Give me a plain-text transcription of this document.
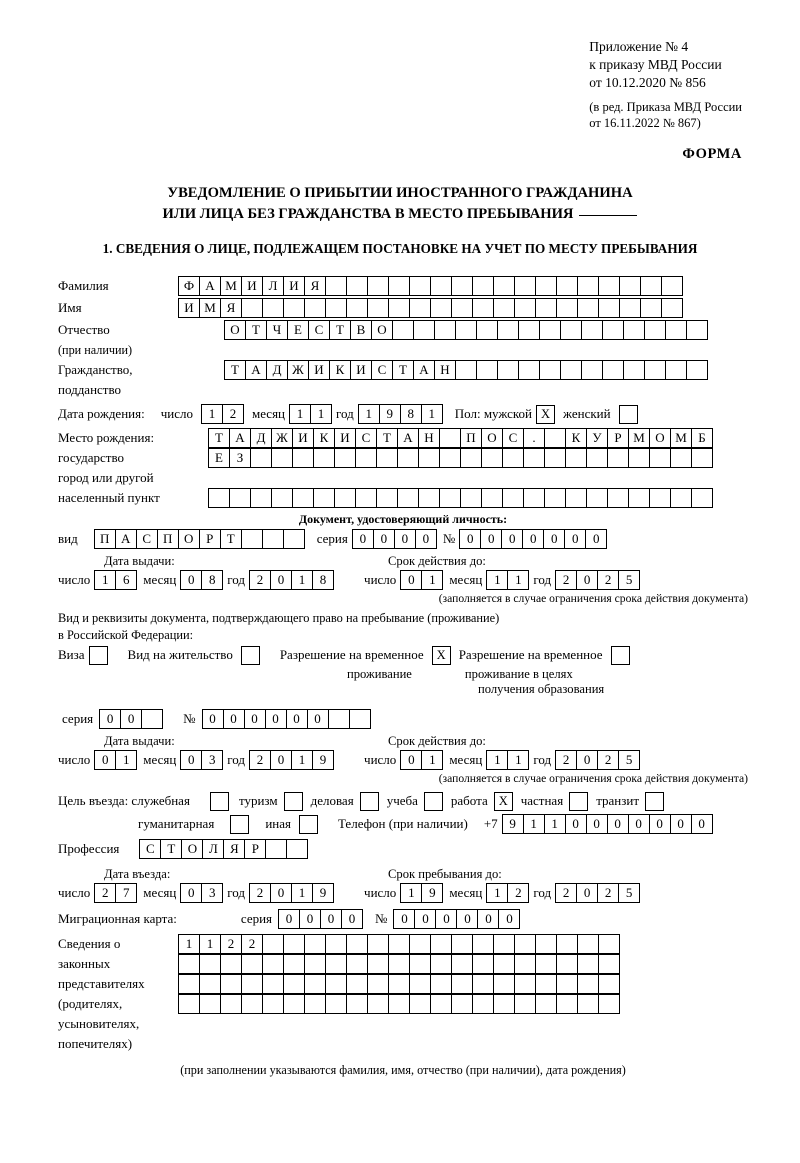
Приложение № 4
к приказу МВД России
от 10.12.2020 № 856
(в ред. Приказа МВД России
от 16.11.2022 № 867)
ФОРМА
УВЕДОМЛЕНИЕ О ПРИБЫТИИ ИНОСТРАННОГО ГРАЖДАНИНА
ИЛИ ЛИЦА БЕЗ ГРАЖДАНСТВА В МЕСТО ПРЕБЫВАНИЯ
1. СВЕДЕНИЯ О ЛИЦЕ, ПОДЛЕЖАЩЕМ ПОСТАНОВКЕ НА УЧЕТ ПО МЕСТУ ПРЕБЫВАНИЯ
Фамилия	Ф А М И Л И Я
Имя	И М Я
Отчество	О Т Ч Е С Т В О
(при наличии)
Гражданство,	Т А Д Ж И К И С Т А Н
подданство
Дата рождения: число	1	2	месяц 1	1 год 1	9	8	1	Пол: мужской X женский
Место рождения:	Т А Д Ж И К И С Т А Н	П О С	.	К У Р М О М Б
государство	Е	З
город или другой
населенный пункт
Документ, удостоверяющий личность:
вид	П А С П О Р	Т	серия 0	0	0	0	№ 0	0	0	0	0	0	0
Дата выдачи:	Срок действия до:
число 1	6	месяц 0	8 год 2	0	1	8	число 0	1	месяц 1	1 год 2	0	2	5
(заполняется в случае ограничения срока действия документа)
Вид и реквизиты документа, подтверждающего право на пребывание (проживание)
в Российской Федерации:
Виза	Вид на жительство	Разрешение на временное	X Разрешение на временное
проживание	проживание в целях
получения образования
серия	0	0	№	0	0	0	0	0	0
Дата выдачи:	Срок действия до:
число 0	1	месяц 0	3 год 2	0	1	9	число 0	1	месяц 1	1 год 2	0	2	5
(заполняется в случае ограничения срока действия документа)
Цель въезда: служебная	туризм	деловая	учеба	работа X частная	транзит
гуманитарная	иная	Телефон (при наличии) +7 9	1	1	0	0	0	0	0	0	0
Профессия	С Т О Л Я	Р
Дата въезда:	Срок пребывания до:
число 2	7	месяц 0	3 год 2	0	1	9	число 1	9	месяц 1	2 год 2	0	2	5
Миграционная карта:	серия	0	0	0	0	№	0	0	0	0	0	0
Сведения о	1	1	2	2
законных
представителях
(родителях,
усыновителях,
попечителях)
(при заполнении указываются фамилия, имя, отчество (при наличии), дата рождения)
